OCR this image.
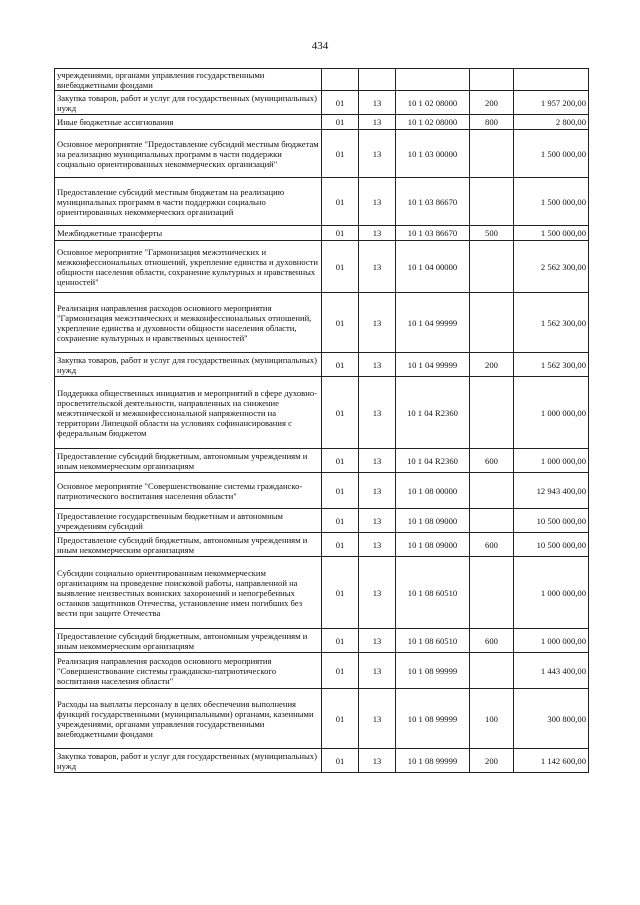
434
учреждениями, органами управления государственными внебюджетными фондами					
Закупка товаров, работ и услуг для государственных (муниципальных) нужд	01	13	10 1 02 08000	200	1 957 200,00
Иные бюджетные ассигнования	01	13	10 1 02 08000	800	2 800,00
Основное мероприятие "Предоставление субсидий местным бюджетам на реализацию муниципальных программ в части поддержки социально ориентированных некоммерческих организаций"	01	13	10 1 03 00000		1 500 000,00
Предоставление субсидий местным бюджетам на реализацию муниципальных программ в части поддержки социально ориентированных некоммерческих организаций	01	13	10 1 03 86670		1 500 000,00
Межбюджетные трансферты	01	13	10 1 03 86670	500	1 500 000,00
Основное мероприятие "Гармонизация межэтнических и межконфессиональных отношений, укрепление единства и духовности общности населения области, сохранение культурных и нравственных ценностей"	01	13	10 1 04 00000		2 562 300,00
Реализация направления расходов основного мероприятия "Гармонизация межэтнических и межконфессиональных отношений, укрепление единства и духовности общности населения области, сохранение культурных и нравственных ценностей"	01	13	10 1 04 99999		1 562 300,00
Закупка товаров, работ и услуг для государственных (муниципальных) нужд	01	13	10 1 04 99999	200	1 562 300,00
Поддержка общественных инициатив и мероприятий в сфере духовно-просветительской деятельности, направленных на снижение межэтнической и межконфессиональной напряженности на территории Липецкой области на условиях софинансирования с федеральным бюджетом	01	13	10 1 04 R2360		1 000 000,00
Предоставление субсидий бюджетным, автономным учреждениям и иным некоммерческим организациям	01	13	10 1 04 R2360	600	1 000 000,00
Основное мероприятие "Совершенствование системы гражданско-патриотического воспитания населения области"	01	13	10 1 08 00000		12 943 400,00
Предоставление государственным бюджетным и автономным учреждениям субсидий	01	13	10 1 08 09000		10 500 000,00
Предоставление субсидий бюджетным, автономным учреждениям и иным некоммерческим организациям	01	13	10 1 08 09000	600	10 500 000,00
Субсидии социально ориентированным некоммерческим организациям на проведение поисковой работы, направленной на выявление неизвестных воинских захоронений и непогребенных останков защитников Отечества, установление имен погибших без вести при защите Отечества	01	13	10 1 08 60510		1 000 000,00
Предоставление субсидий бюджетным, автономным учреждениям и иным некоммерческим организациям	01	13	10 1 08 60510	600	1 000 000,00
Реализация направления расходов основного мероприятия "Совершенствование системы гражданско-патриотического воспитания населения области"	01	13	10 1 08 99999		1 443 400,00
Расходы на выплаты персоналу в целях обеспечения выполнения функций государственными (муниципальными) органами, казенными учреждениями, органами управления государственными внебюджетными фондами	01	13	10 1 08 99999	100	300 800,00
Закупка товаров, работ и услуг для государственных (муниципальных) нужд	01	13	10 1 08 99999	200	1 142 600,00
